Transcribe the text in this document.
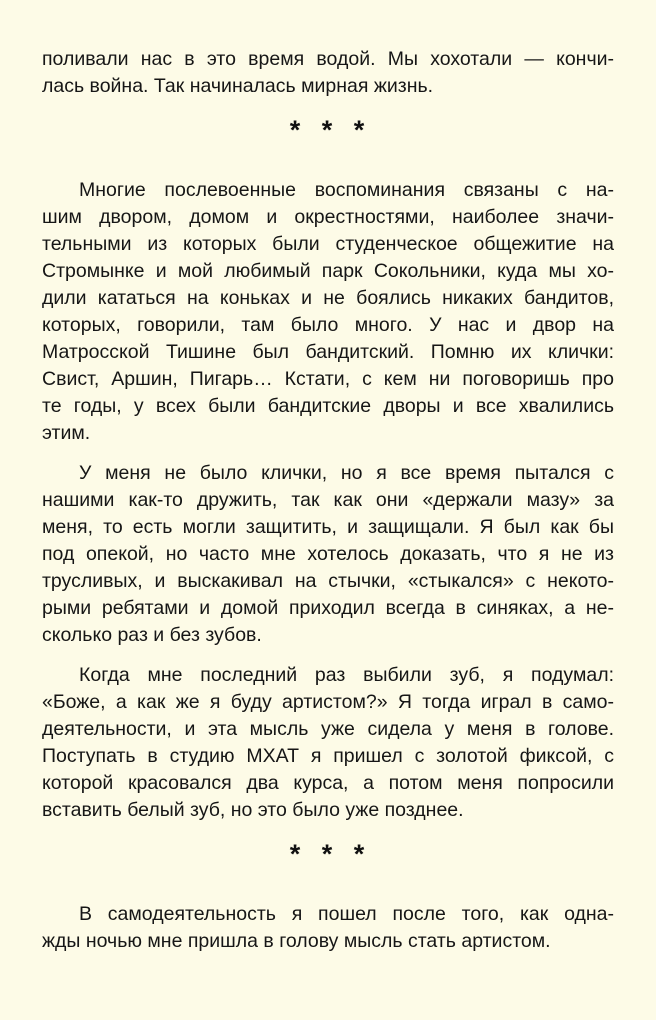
поливали нас в это время водой. Мы хохотали — кончи-
лась война. Так начиналась мирная жизнь.

* * *

Многие послевоенные воспоминания связаны с на-
шим двором, домом и окрестностями, наиболее значи-
тельными из которых были студенческое общежитие на
Стромынке и мой любимый парк Сокольники, куда мы хо-
дили кататься на коньках и не боялись никаких бандитов,
которых, говорили, там было много. У нас и двор на
Матросской Тишине был бандитский. Помню их клички:
Свист, Аршин, Пигарь… Кстати, с кем ни поговоришь про
те годы, у всех были бандитские дворы и все хвалились
этим.

У меня не было клички, но я все время пытался с
нашими как-то дружить, так как они «держали мазу» за
меня, то есть могли защитить, и защищали. Я был как бы
под опекой, но часто мне хотелось доказать, что я не из
трусливых, и выскакивал на стычки, «стыкался» с некото-
рыми ребятами и домой приходил всегда в синяках, а не-
сколько раз и без зубов.

Когда мне последний раз выбили зуб, я подумал:
«Боже, а как же я буду артистом?» Я тогда играл в само-
деятельности, и эта мысль уже сидела у меня в голове.
Поступать в студию МХАТ я пришел с золотой фиксой, с
которой красовался два курса, а потом меня попросили
вставить белый зуб, но это было уже позднее.

* * *

В самодеятельность я пошел после того, как одна-
жды ночью мне пришла в голову мысль стать артистом.
